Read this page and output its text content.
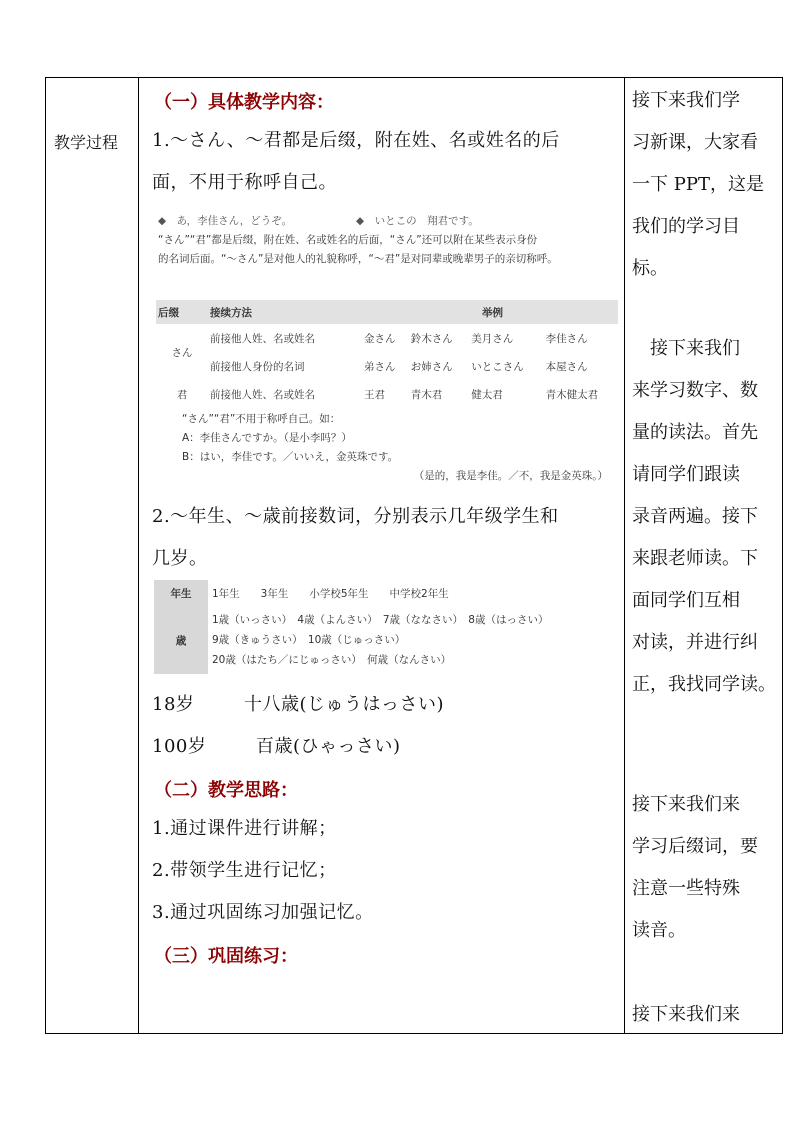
教学过程
（一）具体教学内容：
1.～さん、～君都是后缀，附在姓、名或姓名的后
面，不用于称呼自己。
◆　あ，李佳さん，どうぞ。	◆　いとこの　翔君です。
“さん”“君”都是后缀，附在姓、名或姓名的后面，“さん”还可以附在某些表示身份
的名词后面。“～さん”是对他人的礼貌称呼，“～君”是对同辈或晚辈男子的亲切称呼。
后缀	接续方法	举例			
さん	前接他人姓、名或姓名	金さん	鈴木さん	美月さん	李佳さん
	前接他人身份的名词	弟さん	お姉さん	いとこさん	本屋さん
君	前接他人姓、名或姓名	王君	青木君	健太君	青木健太君
“さん”“君”不用于称呼自己。如：
A：李佳さんですか。（是小李吗？）
B：はい，李佳です。／いいえ，金英珠です。
（是的，我是李佳。／不，我是金英珠。）
2.～年生、～歳前接数词，分别表示几年级学生和
几岁。
年生	1年生　　3年生　　小学校5年生　　中学校2年生
歳	1歳（いっさい）　4歳（よんさい）　7歳（ななさい）　8歳（はっさい）
9歳（きゅうさい）　10歳（じゅっさい）
20歳（はたち／にじゅっさい）　何歳（なんさい）
18岁	十八歳(じゅうはっさい)
100岁	百歳(ひゃっさい)
（二）教学思路：
1.通过课件进行讲解；
2.带领学生进行记忆；
3.通过巩固练习加强记忆。
（三）巩固练习：
接下来我们学
习新课，大家看
一下 PPT，这是
我们的学习目
标。
　接下来我们
来学习数字、数
量的读法。首先
请同学们跟读
录音两遍。接下
来跟老师读。下
面同学们互相
对读，并进行纠
正，我找同学读。
接下来我们来
学习后缀词，要
注意一些特殊
读音。
接下来我们来
